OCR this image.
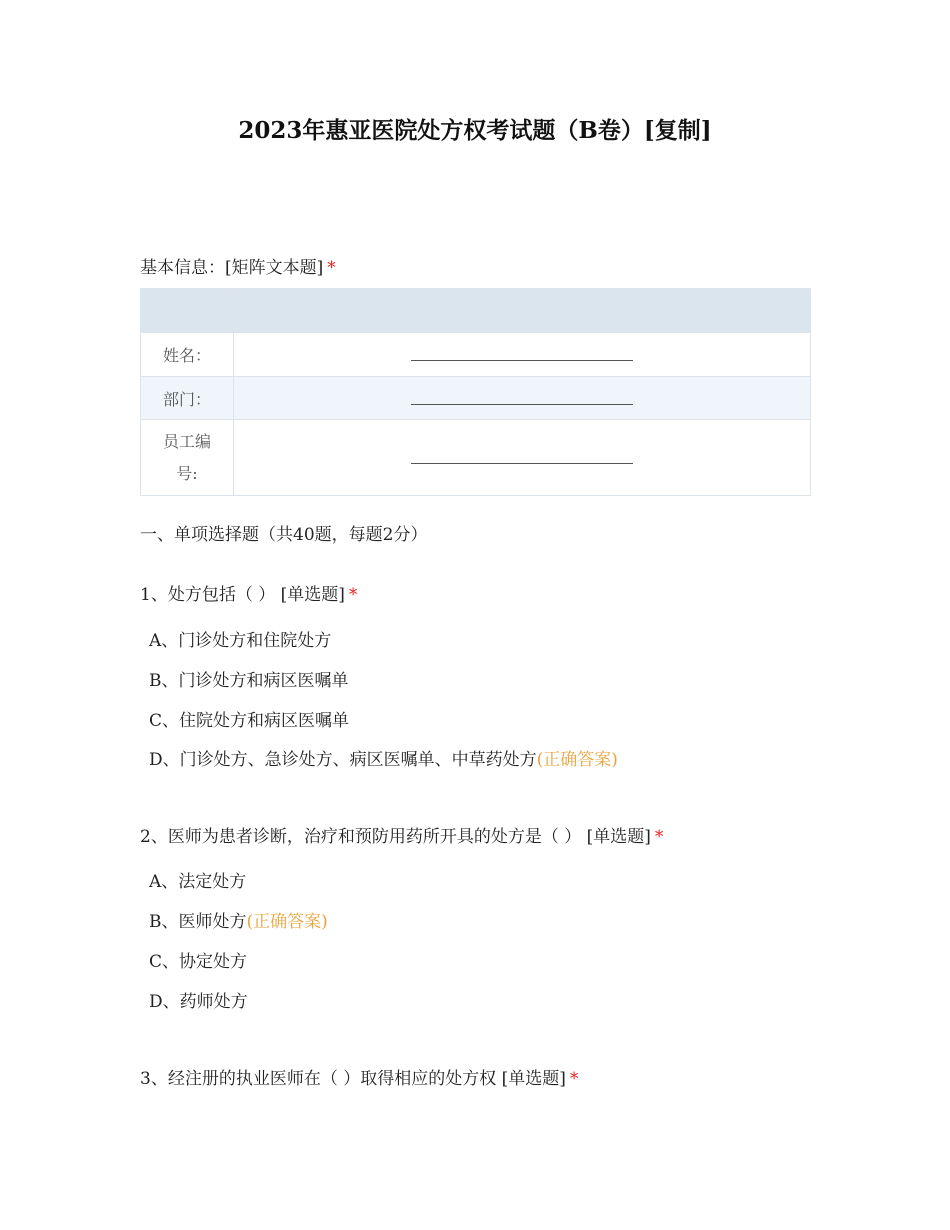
2023年惠亚医院处方权考试题（B卷）[复制]
基本信息：[矩阵文本题] *

姓名：	

部门：	

员工编
号:	
一、单项选择题（共40题，每题2分）
1、处方包括（ ） [单选题] *
A、门诊处方和住院处方
B、门诊处方和病区医嘱单
C、住院处方和病区医嘱单
D、门诊处方、急诊处方、病区医嘱单、中草药处方(正确答案)
2、医师为患者诊断，治疗和预防用药所开具的处方是（ ） [单选题] *
A、法定处方
B、医师处方(正确答案)
C、协定处方
D、药师处方
3、经注册的执业医师在（ ）取得相应的处方权 [单选题] *
